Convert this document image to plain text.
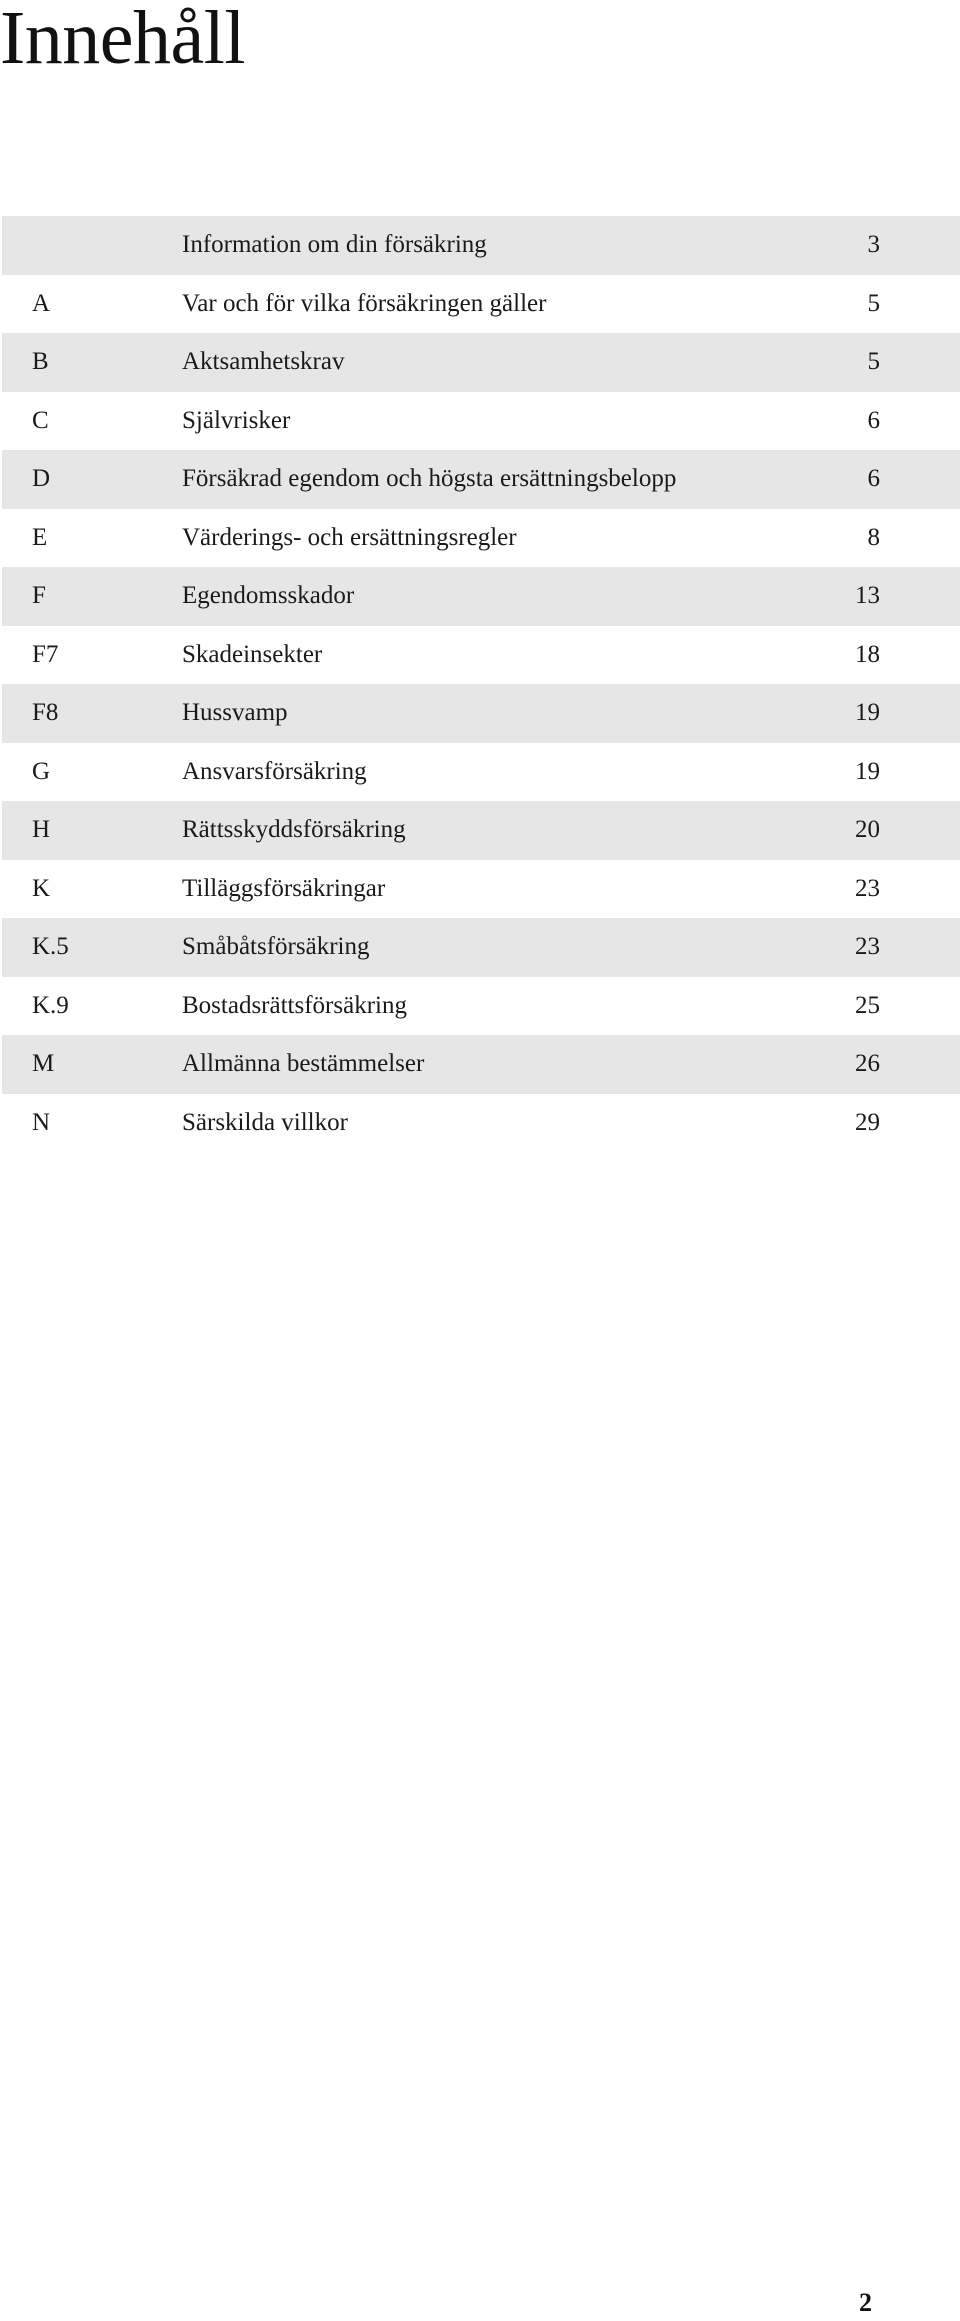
Innehåll
Information om din försäkring	3
A	Var och för vilka försäkringen gäller	5
B	Aktsamhetskrav	5
C	Självrisker	6
D	Försäkrad egendom och högsta ersättningsbelopp	6
E	Värderings- och ersättningsregler	8
F	Egendomsskador	13
F7	Skadeinsekter	18
F8	Hussvamp	19
G	Ansvarsförsäkring	19
H	Rättsskyddsförsäkring	20
K	Tilläggsförsäkringar	23
K.5	Småbåtsförsäkring	23
K.9	Bostadsrättsförsäkring	25
M	Allmänna bestämmelser	26
N	Särskilda villkor	29
2
